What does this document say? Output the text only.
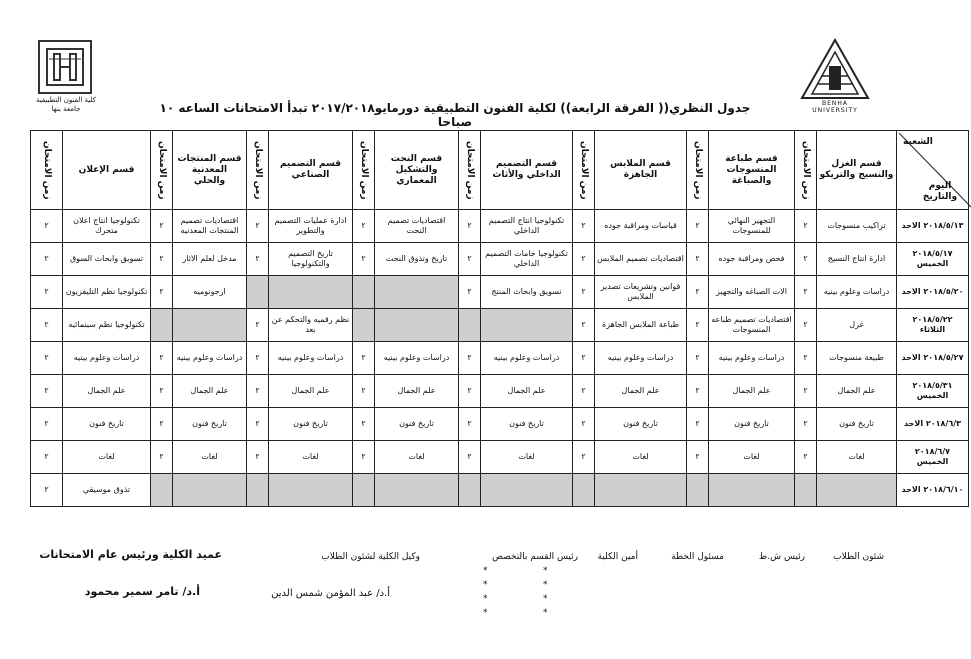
كلية الفنون التطبيقية
جامعة بنها
BENHA UNIVERSITY
جدول النظري(( الفرقة الرابعة)) لكلية الفنون التطبيقية دورمايو٢٠١٧/٢٠١٨ تبدأ الامتحانات الساعه ١٠ صباحا
الشعبة
اليوم والتاريخ	قسم الغزل والنسيج والتريكو	زمن الامتحان	قسم طباعة المنسوجات والصباغة	زمن الامتحان	قسم الملابس الجاهزة	زمن الامتحان	قسم التصميم الداخلي والأثاث	زمن الامتحان	قسم النحت والتشكيل المعماري	زمن الامتحان	قسم التصميم الصناعي	زمن الامتحان	قسم المنتجات المعدنية والحلي	زمن الامتحان	قسم الإعلان	زمن الامتحان
٢٠١٨/٥/١٣ الاحد	تراكيب منسوجات	٢	التجهيز النهائي للمنسوجات	٢	قياسات ومراقبة جوده	٢	تكنولوجيا انتاج التصميم الداخلي	٢	اقتصاديات تصميم النحت	٢	ادارة عمليات التصميم والتطوير	٢	اقتصاديات تصميم المنتجات المعدنيه	٢	تكنولوجيا انتاج اعلان متحرك	٢
٢٠١٨/٥/١٧ الخميس	ادارة انتاج النسيج	٢	فحص ومراقبة جوده	٢	اقتصاديات تصميم الملابس	٢	تكنولوجيا خامات التصميم الداخلي	٢	تاريخ وتذوق النحت	٢	تاريخ التصميم والتكنولوجيا	٢	مدخل لعلم الاثار	٢	تسويق وابحاث السوق	٢
٢٠١٨/٥/٢٠ الاحد	دراسات وعلوم بينيه	٢	الات الصباغه والتجهيز	٢	قوانين وتشريعات تصدير الملابس	٢	تسويق وابحاث المنتج	٢					ارجونوميه	٢	تكنولوجيا نظم التليفزيون	٢
٢٠١٨/٥/٢٢ الثلاثاء	غزل	٢	اقتصاديات تصميم طباعه المنسوجات	٢	طباعة الملابس الجاهزة	٢					نظم رقميه والتحكم عن بعد	٢			تكنولوجيا نظم سينمائيه	٢
٢٠١٨/٥/٢٧ الاحد	طبيعة منسوجات	٢	دراسات وعلوم بينيه	٢	دراسات وعلوم بينيه	٢	دراسات وعلوم بينيه	٢	دراسات وعلوم بينيه	٢	دراسات وعلوم بينيه	٢	دراسات وعلوم بينيه	٢	دراسات وعلوم بينيه	٢
٢٠١٨/٥/٣١ الخميس	علم الجمال	٢	علم الجمال	٢	علم الجمال	٢	علم الجمال	٢	علم الجمال	٢	علم الجمال	٢	علم الجمال	٢	علم الجمال	٢
٢٠١٨/٦/٣ الاحد	تاريخ فنون	٢	تاريخ فنون	٢	تاريخ فنون	٢	تاريخ فنون	٢	تاريخ فنون	٢	تاريخ فنون	٢	تاريخ فنون	٢	تاريخ فنون	٢
٢٠١٨/٦/٧ الخميس	لغات	٢	لغات	٢	لغات	٢	لغات	٢	لغات	٢	لغات	٢	لغات	٢	لغات	٢
٢٠١٨/٦/١٠ الاحد															تذوق موسيقي	٢
شئون الطلاب
رئيس ش.ط
مسئول الخطة
أمين الكلية
رئيس القسم بالتخصص
وكيل الكلية لشئون الطلاب
عميد الكلية ورئيس عام الامتحانات
أ.د/ عبد المؤمن شمس الدين
أ.د/ تامر سمير محمود
*
*
*
*
*
*
*
*
